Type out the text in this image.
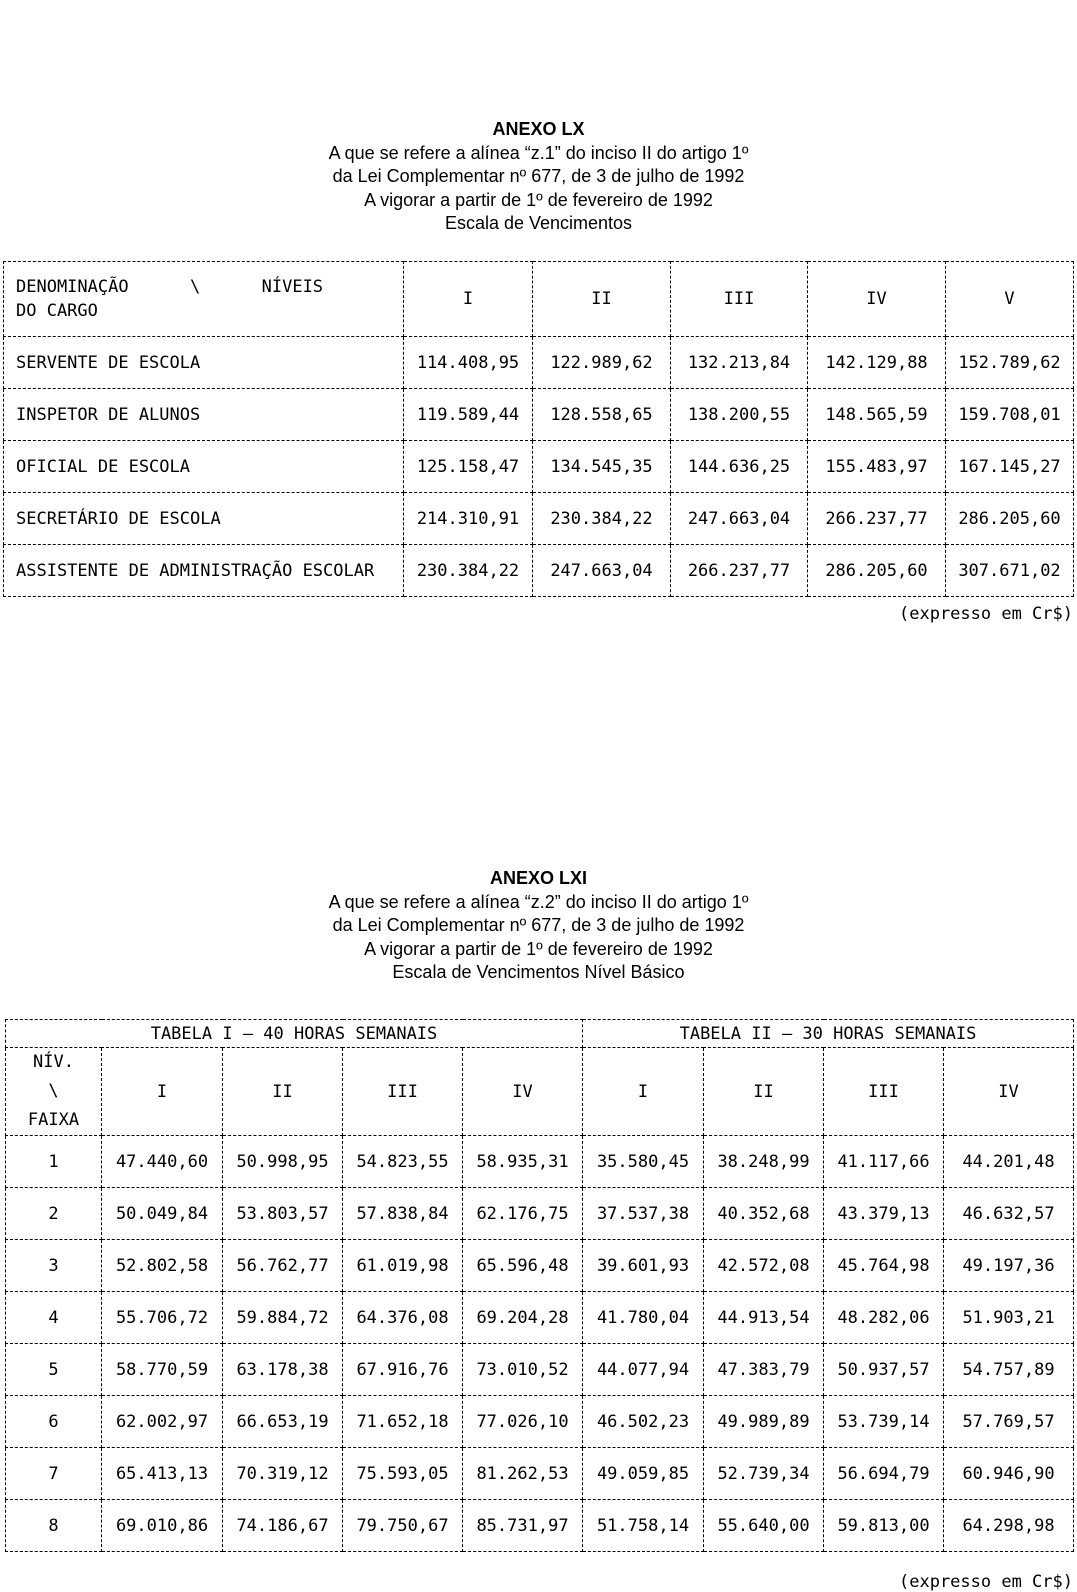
ANEXO LX
A que se refere a alínea “z.1” do inciso II do artigo 1º
da Lei Complementar nº 677, de 3 de julho de 1992
A vigorar a partir de 1º de fevereiro de 1992
Escala de Vencimentos
DENOMINAÇÃO      \      NÍVEIS
DO CARGO	I	II	III	IV	V
SERVENTE DE ESCOLA	114.408,95	122.989,62	132.213,84	142.129,88	152.789,62
INSPETOR DE ALUNOS	119.589,44	128.558,65	138.200,55	148.565,59	159.708,01
OFICIAL DE ESCOLA	125.158,47	134.545,35	144.636,25	155.483,97	167.145,27
SECRETÁRIO DE ESCOLA	214.310,91	230.384,22	247.663,04	266.237,77	286.205,60
ASSISTENTE DE ADMINISTRAÇÃO ESCOLAR	230.384,22	247.663,04	266.237,77	286.205,60	307.671,02
(expresso em Cr$)
ANEXO LXI
A que se refere a alínea “z.2” do inciso II do artigo 1º
da Lei Complementar nº 677, de 3 de julho de 1992
A vigorar a partir de 1º de fevereiro de 1992
Escala de Vencimentos Nível Básico
TABELA I – 40 HORAS SEMANAIS					TABELA II – 30 HORAS SEMANAIS			

NÍV.
\
FAIXA	I	II	III	IV	I	II	III	IV
1	47.440,60	50.998,95	54.823,55	58.935,31	35.580,45	38.248,99	41.117,66	44.201,48
2	50.049,84	53.803,57	57.838,84	62.176,75	37.537,38	40.352,68	43.379,13	46.632,57
3	52.802,58	56.762,77	61.019,98	65.596,48	39.601,93	42.572,08	45.764,98	49.197,36
4	55.706,72	59.884,72	64.376,08	69.204,28	41.780,04	44.913,54	48.282,06	51.903,21
5	58.770,59	63.178,38	67.916,76	73.010,52	44.077,94	47.383,79	50.937,57	54.757,89
6	62.002,97	66.653,19	71.652,18	77.026,10	46.502,23	49.989,89	53.739,14	57.769,57
7	65.413,13	70.319,12	75.593,05	81.262,53	49.059,85	52.739,34	56.694,79	60.946,90
8	69.010,86	74.186,67	79.750,67	85.731,97	51.758,14	55.640,00	59.813,00	64.298,98
(expresso em Cr$)
